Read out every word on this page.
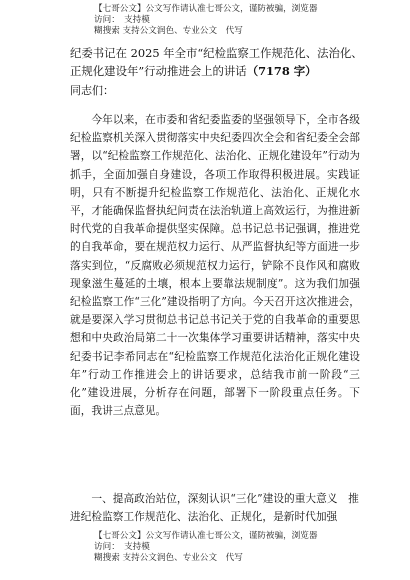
【七哥公文】公文写作请认准七哥公文，谨防被骗，浏览器访问：　支持模
糊搜索 支持公文润色、专业公文　代写
纪委书记在 2025 年全市“纪检监察工作规范化、法治化、正规化建设年”行动推进会上的讲话（7178 字）
同志们：

今年以来，在市委和省纪委监委的坚强领导下，全市各级纪检监察机关深入贯彻落实中央纪委四次全会和省纪委全会部署，以“纪检监察工作规范化、法治化、正规化建设年”行动为抓手，全面加强自身建设，各项工作取得积极进展。实践证明，只有不断提升纪检监察工作规范化、法治化、正规化水平，才能确保监督执纪问责在法治轨道上高效运行，为推进新时代党的自我革命提供坚实保障。总书记总书记强调，推进党的自我革命，要在规范权力运行、从严监督执纪等方面进一步落实到位，“反腐败必须规范权力运行，铲除不良作风和腐败现象滋生蔓延的土壤，根本上要靠法规制度”。这为我们加强纪检监察工作“三化”建设指明了方向。今天召开这次推进会，就是要深入学习贯彻总书记总书记关于党的自我革命的重要思想和中央政治局第二十一次集体学习重要讲话精神，落实中央纪委书记李希同志在“纪检监察工作规范化法治化正规化建设年”行动工作推进会上的讲话要求，总结我市前一阶段“三化”建设进展，分析存在问题，部署下一阶段重点任务。下面，我讲三点意见。

一、提高政治站位，深刻认识“三化”建设的重大意义　推进纪检监察工作规范化、法治化、正规化，是新时代加强
【七哥公文】公文写作请认准七哥公文，谨防被骗，浏览器访问：　支持模
糊搜索 支持公文润色、专业公文　代写
